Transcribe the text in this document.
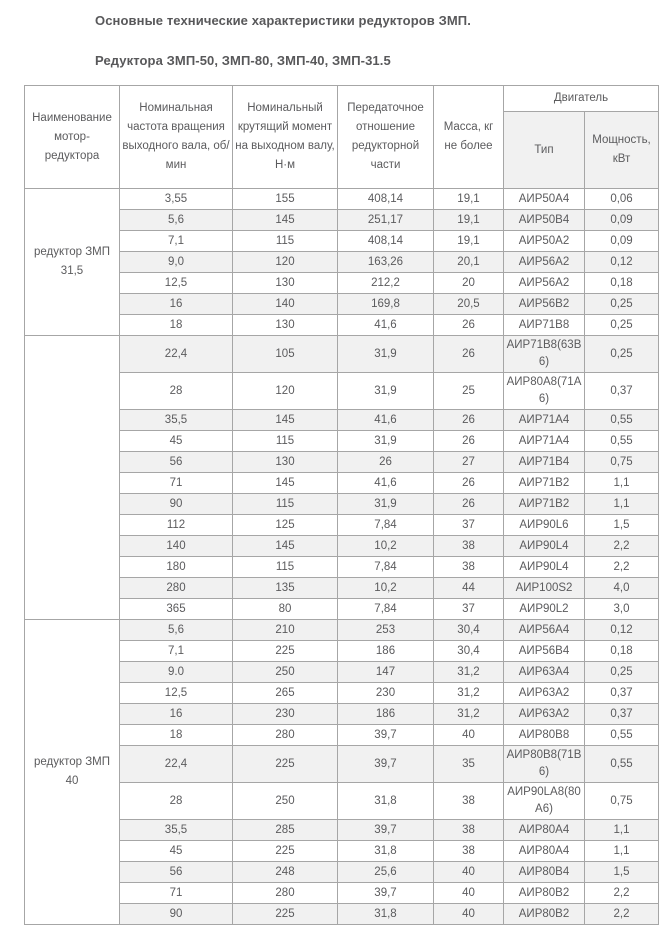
Основные технические характеристики редукторов ЗМП.

Редуктора ЗМП-50, ЗМП-80, ЗМП-40, ЗМП-31.5

Наименование мотор- редуктора	Номинальная частота вращения выходного вала, об/ мин	Номинальный крутящий момент на выходном валу, Н·м	Передаточное отношение редукторной части	Масса, кг не более	Двигатель	
					Тип	Мощность, кВт
редуктор ЗМП 31,5	3,55	155	408,14	19,1	АИР50А4	0,06
	5,6	145	251,17	19,1	АИР50В4	0,09
	7,1	115	408,14	19,1	АИР50А2	0,09
	9,0	120	163,26	20,1	АИР56А2	0,12
	12,5	130	212,2	20	АИР56А2	0,18
	16	140	169,8	20,5	АИР56В2	0,25
	18	130	41,6	26	АИР71В8	0,25
	22,4	105	31,9	26	АИР71В8(63В6)	0,25
	28	120	31,9	25	АИР80А8(71А6)	0,37
	35,5	145	41,6	26	АИР71А4	0,55
	45	115	31,9	26	АИР71А4	0,55
	56	130	26	27	АИР71В4	0,75
	71	145	41,6	26	АИР71В2	1,1
	90	115	31,9	26	АИР71В2	1,1
	112	125	7,84	37	АИР90L6	1,5
	140	145	10,2	38	АИР90L4	2,2
	180	115	7,84	38	АИР90L4	2,2
	280	135	10,2	44	АИР100S2	4,0
	365	80	7,84	37	АИР90L2	3,0
редуктор ЗМП 40	5,6	210	253	30,4	АИР56А4	0,12
	7,1	225	186	30,4	АИР56В4	0,18
	9.0	250	147	31,2	АИР63А4	0,25
	12,5	265	230	31,2	АИР63А2	0,37
	16	230	186	31,2	АИР63А2	0,37
	18	280	39,7	40	АИР80В8	0,55
	22,4	225	39,7	35	АИР80В8(71В6)	0,55
	28	250	31,8	38	АИР90LA8(80А6)	0,75
	35,5	285	39,7	38	АИР80А4	1,1
	45	225	31,8	38	АИР80А4	1,1
	56	248	25,6	40	АИР80В4	1,5
	71	280	39,7	40	АИР80В2	2,2
	90	225	31,8	40	АИР80В2	2,2
